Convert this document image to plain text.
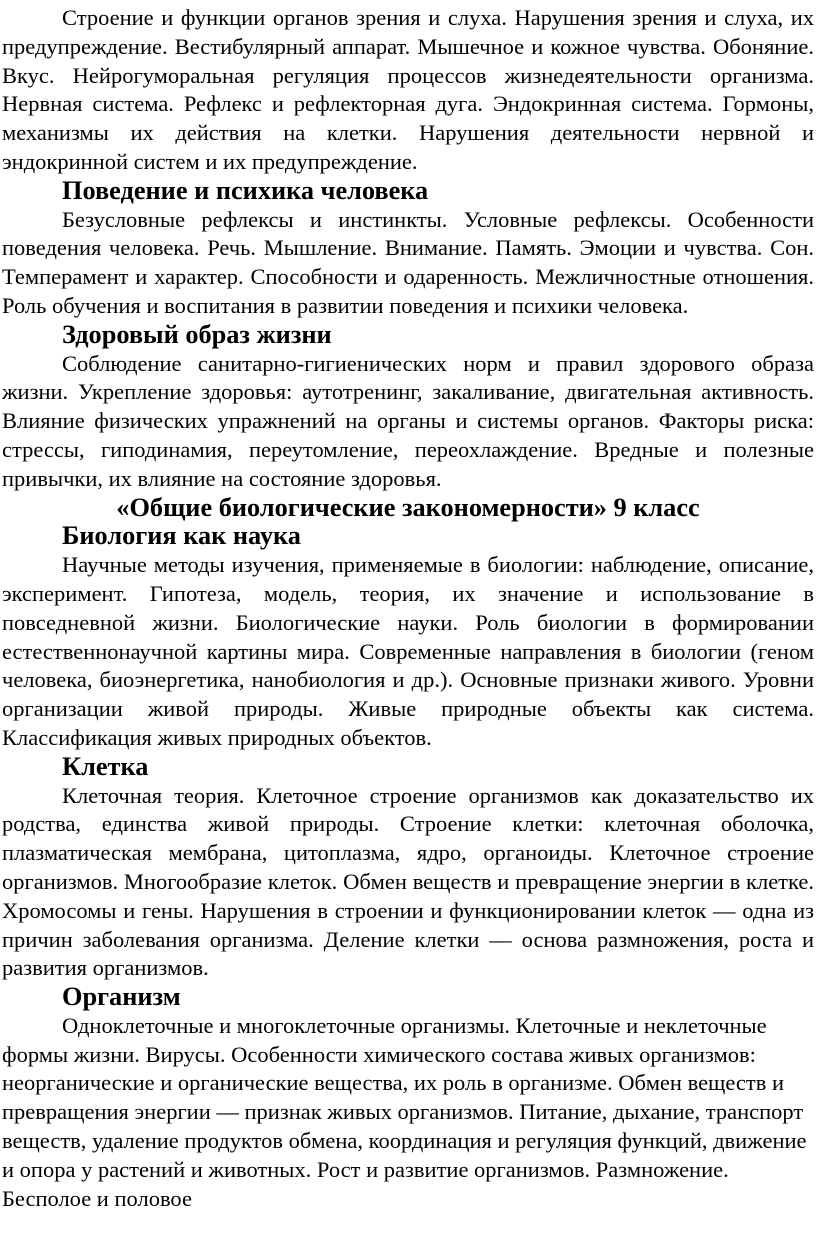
Строение и функции органов зрения и слуха. Нарушения зрения и слуха, их предупреждение. Вестибулярный аппарат. Мышечное и кожное чувства. Обоняние. Вкус. Нейрогуморальная регуляция процессов жизнедеятельности организма. Нервная система. Рефлекс и рефлекторная дуга. Эндокринная система. Гормоны, механизмы их действия на клетки. Нарушения деятельности нервной и эндокринной систем и их предупреждение.

Поведение и психика человека

Безусловные рефлексы и инстинкты. Условные рефлексы. Особенности поведения человека. Речь. Мышление. Внимание. Память. Эмоции и чувства. Сон. Темперамент и характер. Способности и одаренность. Межличностные отношения. Роль обучения и воспитания в развитии поведения и психики человека.

Здоровый образ жизни

Соблюдение санитарно-гигиенических норм и правил здорового образа жизни. Укрепление здоровья: аутотренинг, закаливание, двигательная активность. Влияние физических упражнений на органы и системы органов. Факторы риска: стрессы, гиподинамия, переутомление, переохлаждение. Вредные и полезные привычки, их влияние на состояние здоровья.

«Общие биологические закономерности» 9 класс
Биология как наука

Научные методы изучения, применяемые в биологии: наблюдение, описание, эксперимент. Гипотеза, модель, теория, их значение и использование в повседневной жизни. Биологические науки. Роль биологии в формировании естественнонаучной картины мира. Современные направления в биологии (геном человека, биоэнергетика, нанобиология и др.). Основные признаки живого. Уровни организации живой природы. Живые природные объекты как система. Классификация живых природных объектов.

Клетка

Клеточная теория. Клеточное строение организмов как доказательство их родства, единства живой природы. Строение клетки: клеточная оболочка, плазматическая мембрана, цитоплазма, ядро, органоиды. Клеточное строение организмов. Многообразие клеток. Обмен веществ и превращение энергии в клетке. Хромосомы и гены. Нарушения в строении и функционировании клеток — одна из причин заболевания организма. Деление клетки — основа размножения, роста и развития организмов.

Организм

Одноклеточные и многоклеточные организмы. Клеточные и неклеточные формы жизни. Вирусы. Особенности химического состава живых организмов: неорганические и органические вещества, их роль в организме. Обмен веществ и превращения энергии — признак живых организмов. Питание, дыхание, транспорт веществ, удаление продуктов обмена, координация и регуляция функций, движение и опора у растений и животных. Рост и развитие организмов. Размножение. Бесполое и половое
